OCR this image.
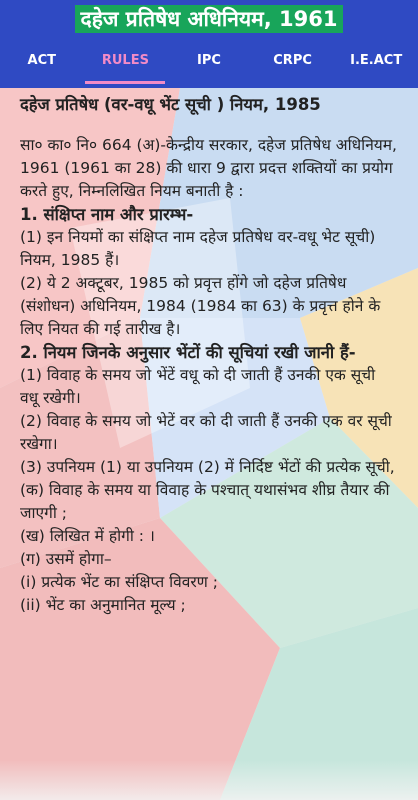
दहेज प्रतिषेध अधिनियम, 1961
ACT	RULES	IPC	CRPC	I.E.ACT
दहेज प्रतिषेध (वर-वधू भेंट सूची ) नियम, 1985

सा० का० नि० 664 (अ)-केन्द्रीय सरकार, दहेज प्रतिषेध अधिनियम, 1961 (1961 का 28) की धारा 9 द्वारा प्रदत्त शक्तियों का प्रयोग करते हुए, निम्नलिखित नियम बनाती है :

1. संक्षिप्त नाम और प्रारम्भ-

(1) इन नियमों का संक्षिप्त नाम दहेज प्रतिषेध वर-वधू भेट सूची) नियम, 1985 हैं।

(2) ये 2 अक्टूबर, 1985 को प्रवृत्त होंगे जो दहेज प्रतिषेध (संशोधन) अधिनियम, 1984 (1984 का 63) के प्रवृत्त होने के लिए नियत की गई तारीख है।

2. नियम जिनके अनुसार भेंटों की सूचियां रखी जानी हैं-

(1) विवाह के समय जो भेंटें वधू को दी जाती हैं उनकी एक सूची वधू रखेगी।

(2) विवाह के समय जो भेटें वर को दी जाती हैं उनकी एक वर सूची रखेगा।

(3) उपनियम (1) या उपनियम (2) में निर्दिष्ट भेंटों की प्रत्येक सूची,

(क) विवाह के समय या विवाह के पश्चात् यथासंभव शीघ्र तैयार की जाएगी ;

(ख) लिखित में होगी : ।

(ग) उसमें होगा–

(i) प्रत्येक भेंट का संक्षिप्त विवरण ;

(ii) भेंट का अनुमानित मूल्य ;
